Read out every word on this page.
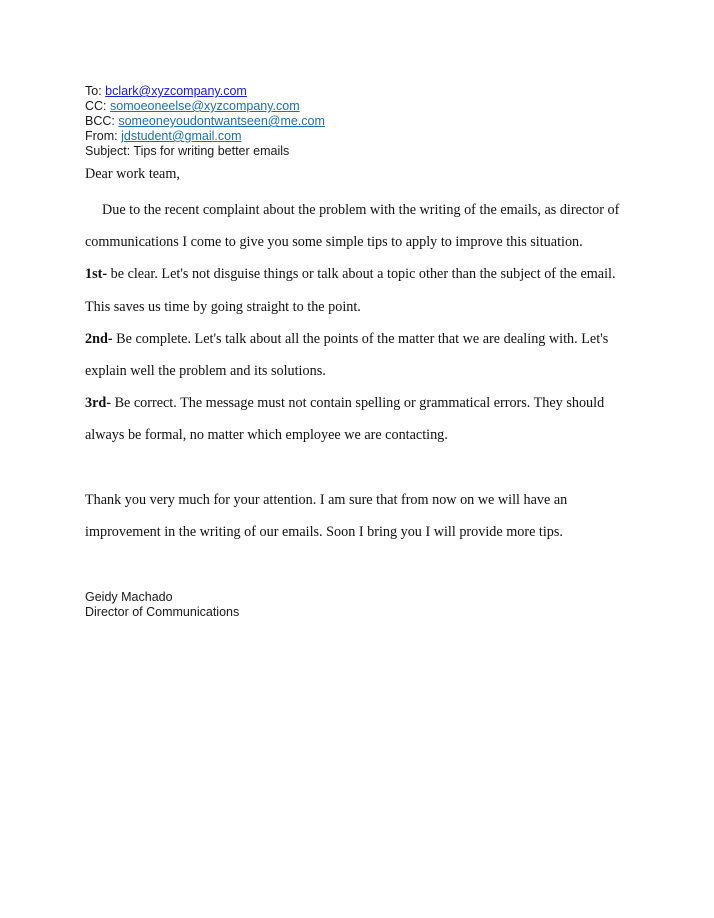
To: bclark@xyzcompany.com
CC: somoeoneelse@xyzcompany.com
BCC: someoneyoudontwantseen@me.com
From: jdstudent@gmail.com
Subject: Tips for writing better emails
Dear work team,

Due to the recent complaint about the problem with the writing of the emails, as director of

communications I come to give you some simple tips to apply to improve this situation.

1st- be clear. Let's not disguise things or talk about a topic other than the subject of the email.

This saves us time by going straight to the point.

2nd- Be complete. Let's talk about all the points of the matter that we are dealing with. Let's

explain well the problem and its solutions.

3rd- Be correct. The message must not contain spelling or grammatical errors. They should

always be formal, no matter which employee we are contacting.

Thank you very much for your attention. I am sure that from now on we will have an

improvement in the writing of our emails. Soon I bring you I will provide more tips.

Geidy Machado
Director of Communications
